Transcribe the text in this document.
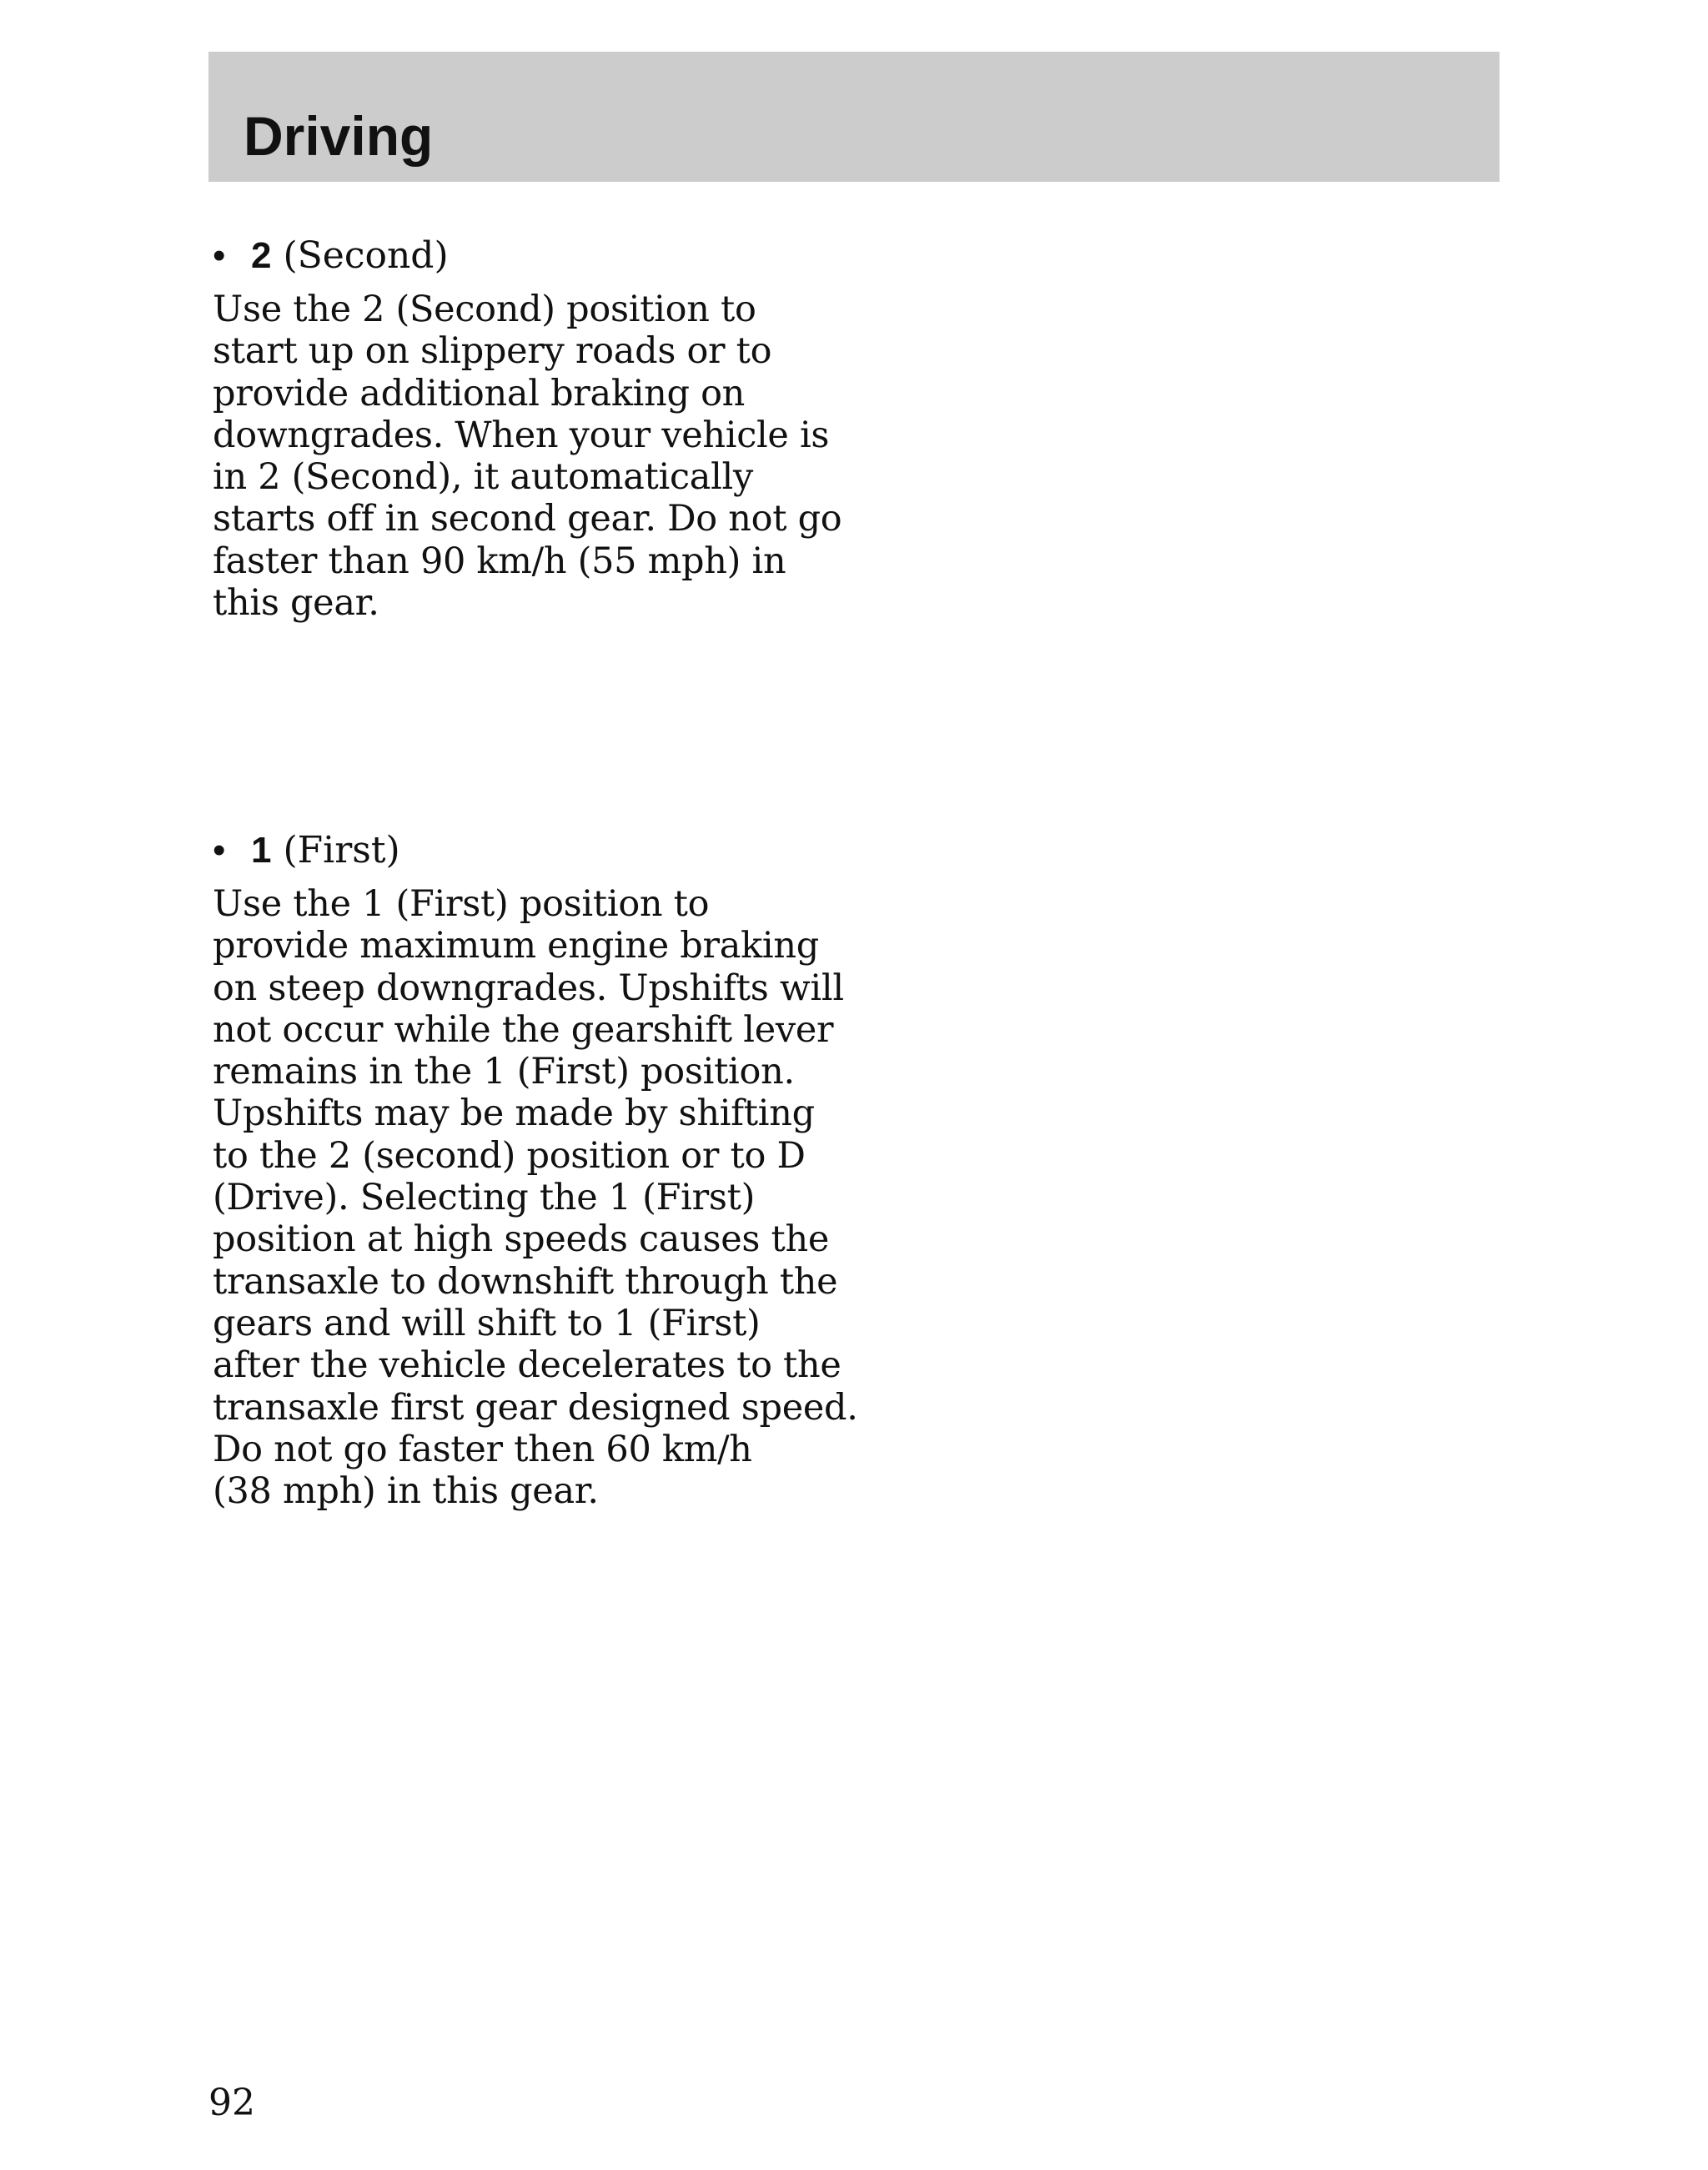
Driving
• 2 (Second)
Use the 2 (Second) position to
start up on slippery roads or to
provide additional braking on
downgrades. When your vehicle is
in 2 (Second), it automatically
starts off in second gear. Do not go
faster than 90 km/h (55 mph) in
this gear.
• 1 (First)
Use the 1 (First) position to
provide maximum engine braking
on steep downgrades. Upshifts will
not occur while the gearshift lever
remains in the 1 (First) position.
Upshifts may be made by shifting
to the 2 (second) position or to D
(Drive). Selecting the 1 (First)
position at high speeds causes the
transaxle to downshift through the
gears and will shift to 1 (First)
after the vehicle decelerates to the
transaxle first gear designed speed.
Do not go faster then 60 km/h
(38 mph) in this gear.
92
